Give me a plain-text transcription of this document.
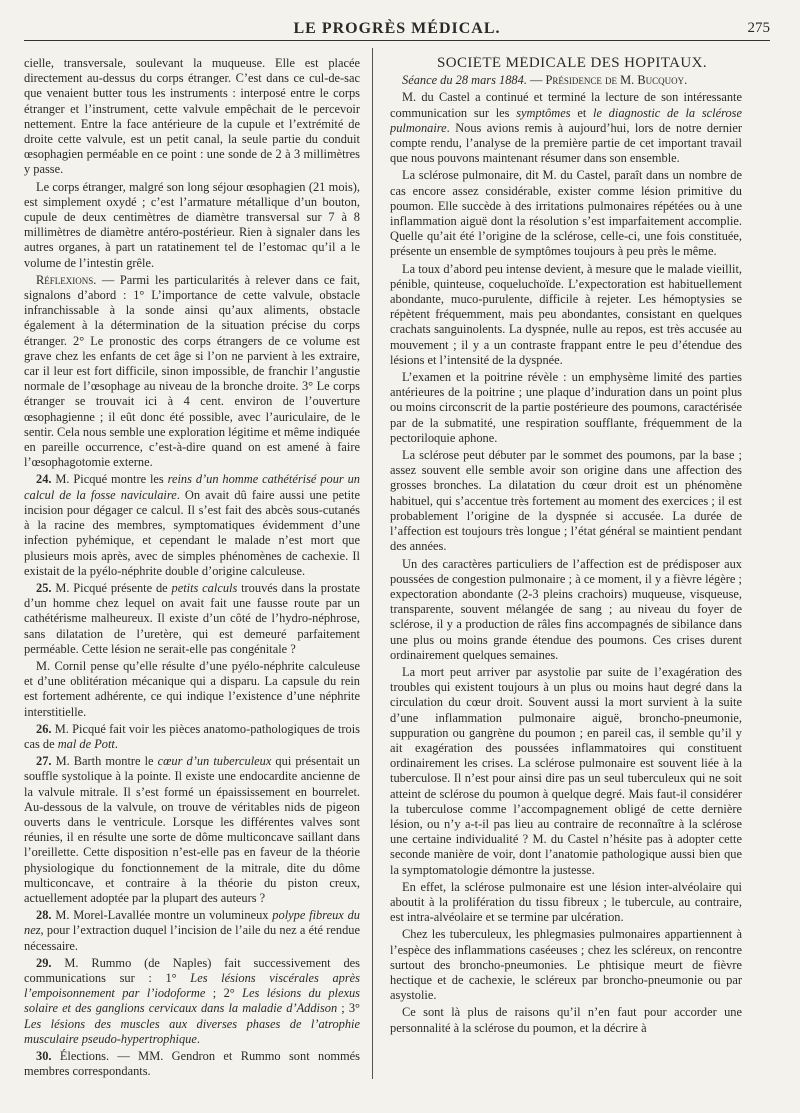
LE PROGRÈS MÉDICAL.	275

cielle, transversale, soulevant la muqueuse. Elle est placée directement au-dessus du corps étranger. C’est dans ce cul-de-sac que venaient butter tous les instruments : interposé entre le corps étranger et l’instrument, cette valvule empêchait de le percevoir nettement. Entre la face antérieure de la cupule et l’extrémité de droite cette valvule, est un petit canal, la seule partie du conduit œsophagien perméable en ce point : une sonde de 2 à 3 millimètres y passe.

Le corps étranger, malgré son long séjour œsophagien (21 mois), est simplement oxydé ; c’est l’armature métallique d’un bouton, cupule de deux centimètres de diamètre transversal sur 7 à 8 millimètres de diamètre antéro-postérieur. Rien à signaler dans les autres organes, à part un ratatinement tel de l’estomac qu’il a le volume de l’intestin grêle.

Réflexions. — Parmi les particularités à relever dans ce fait, signalons d’abord : 1° L’importance de cette valvule, obstacle infranchissable à la sonde ainsi qu’aux aliments, obstacle également à la détermination de la situation précise du corps étranger. 2° Le pronostic des corps étrangers de ce volume est grave chez les enfants de cet âge si l’on ne parvient à les extraire, car il leur est fort difficile, sinon impossible, de franchir l’angustie normale de l’œsophage au niveau de la bronche droite. 3° Le corps étranger se trouvait ici à 4 cent. environ de l’ouverture œsophagienne ; il eût donc été possible, avec l’auriculaire, de le sentir. Cela nous semble une exploration légitime et même indiquée en pareille occurrence, c’est-à-dire quand on est amené à faire l’œsophagotomie externe.

24. M. Picqué montre les reins d’un homme cathétérisé pour un calcul de la fosse naviculaire. On avait dû faire aussi une petite incision pour dégager ce calcul. Il s’est fait des abcès sous-cutanés à la racine des membres, symptomatiques évidemment d’une infection pyhémique, et cependant le malade n’est mort que plusieurs mois après, avec de simples phénomènes de cachexie. Il existait de la pyélo-néphrite double d’origine calculeuse.

25. M. Picqué présente de petits calculs trouvés dans la prostate d’un homme chez lequel on avait fait une fausse route par un cathétérisme malheureux. Il existe d’un côté de l’hydro-néphrose, sans dilatation de l’uretère, qui est demeuré parfaitement perméable. Cette lésion ne serait-elle pas congénitale ?

M. Cornil pense qu’elle résulte d’une pyélo-néphrite calculeuse et d’une oblitération mécanique qui a disparu. La capsule du rein est fortement adhérente, ce qui indique l’existence d’une néphrite interstitielle.

26. M. Picqué fait voir les pièces anatomo-pathologiques de trois cas de mal de Pott.

27. M. Barth montre le cœur d’un tuberculeux qui présentait un souffle systolique à la pointe. Il existe une endocardite ancienne de la valvule mitrale. Il s’est formé un épaississement en bourrelet. Au-dessous de la valvule, on trouve de véritables nids de pigeon ouverts dans le ventricule. Lorsque les différentes valves sont réunies, il en résulte une sorte de dôme multiconcave saillant dans l’oreillette. Cette disposition n’est-elle pas en faveur de la théorie physiologique du fonctionnement de la mitrale, dite du dôme multiconcave, et contraire à la théorie du piston creux, actuellement adoptée par la plupart des auteurs ?

28. M. Morel-Lavallée montre un volumineux polype fibreux du nez, pour l’extraction duquel l’incision de l’aile du nez a été rendue nécessaire.

29. M. Rummo (de Naples) fait successivement des communications sur : 1° Les lésions viscérales après l’empoisonnement par l’iodoforme ; 2° Les lésions du plexus solaire et des ganglions cervicaux dans la maladie d’Addison ; 3° Les lésions des muscles aux diverses phases de l’atrophie musculaire pseudo-hypertrophique.

30. Élections. — MM. Gendron et Rummo sont nommés membres correspondants.

SOCIÉTÉ MÉDICALE DES HOPITAUX.

Séance du 28 mars 1884. — Présidence de M. Bucquoy.

M. du Castel a continué et terminé la lecture de son intéressante communication sur les symptômes et le diagnostic de la sclérose pulmonaire. Nous avions remis à aujourd’hui, lors de notre dernier compte rendu, l’analyse de la première partie de cet important travail que nous pouvons maintenant résumer dans son ensemble.

La sclérose pulmonaire, dit M. du Castel, paraît dans un nombre de cas encore assez considérable, exister comme lésion primitive du poumon. Elle succède à des irritations pulmonaires répétées ou à une inflammation aiguë dont la résolution s’est imparfaitement accomplie. Quelle qu’ait été l’origine de la sclérose, celle-ci, une fois constituée, présente un ensemble de symptômes toujours à peu près le même.

La toux d’abord peu intense devient, à mesure que le malade vieillit, pénible, quinteuse, coqueluchoïde. L’expectoration est habituellement abondante, muco-purulente, difficile à rejeter. Les hémoptysies se répètent fréquemment, mais peu abondantes, consistant en quelques crachats sanguinolents. La dyspnée, nulle au repos, est très accusée au mouvement ; il y a un contraste frappant entre le peu d’étendue des lésions et l’intensité de la dyspnée.

L’examen et la poitrine révèle : un emphysème limité des parties antérieures de la poitrine ; une plaque d’induration dans un point plus ou moins circonscrit de la partie postérieure des poumons, caractérisée par de la submatité, une respiration soufflante, fréquemment de la pectoriloquie aphone.

La sclérose peut débuter par le sommet des poumons, par la base ; assez souvent elle semble avoir son origine dans une affection des grosses bronches. La dilatation du cœur droit est un phénomène habituel, qui s’accentue très fortement au moment des exercices ; il est probablement l’origine de la dyspnée si accusée. La durée de l’affection est toujours très longue ; l’état général se maintient pendant des années.

Un des caractères particuliers de l’affection est de prédisposer aux poussées de congestion pulmonaire ; à ce moment, il y a fièvre légère ; expectoration abondante (2-3 pleins crachoirs) muqueuse, visqueuse, transparente, souvent mélangée de sang ; au niveau du foyer de sclérose, il y a production de râles fins accompagnés de sibilance dans une plus ou moins grande étendue des poumons. Ces crises durent ordinairement quelques semaines.

La mort peut arriver par asystolie par suite de l’exagération des troubles qui existent toujours à un plus ou moins haut degré dans la circulation du cœur droit. Souvent aussi la mort survient à la suite d’une inflammation pulmonaire aiguë, broncho-pneumonie, suppuration ou gangrène du poumon ; en pareil cas, il semble qu’il y ait exagération des poussées inflammatoires qui constituent ordinairement les crises. La sclérose pulmonaire est souvent liée à la tuberculose. Il n’est pour ainsi dire pas un seul tuberculeux qui ne soit atteint de sclérose du poumon à quelque degré. Mais faut-il considérer la tuberculose comme l’accompagnement obligé de cette dernière lésion, ou n’y a-t-il pas lieu au contraire de reconnaître à la sclérose une certaine individualité ? M. du Castel n’hésite pas à adopter cette seconde manière de voir, dont l’anatomie pathologique aussi bien que la symptomatologie démontre la justesse.

En effet, la sclérose pulmonaire est une lésion inter-alvéolaire qui aboutit à la prolifération du tissu fibreux ; le tubercule, au contraire, est intra-alvéolaire et se termine par ulcération.

Chez les tuberculeux, les phlegmasies pulmonaires appartiennent à l’espèce des inflammations caséeuses ; chez les scléreux, on rencontre surtout des broncho-pneumonies. Le phtisique meurt de fièvre hectique et de cachexie, le scléreux par broncho-pneumonie ou par asystolie.

Ce sont là plus de raisons qu’il n’en faut pour accorder une personnalité à la sclérose du poumon, et la décrire à
